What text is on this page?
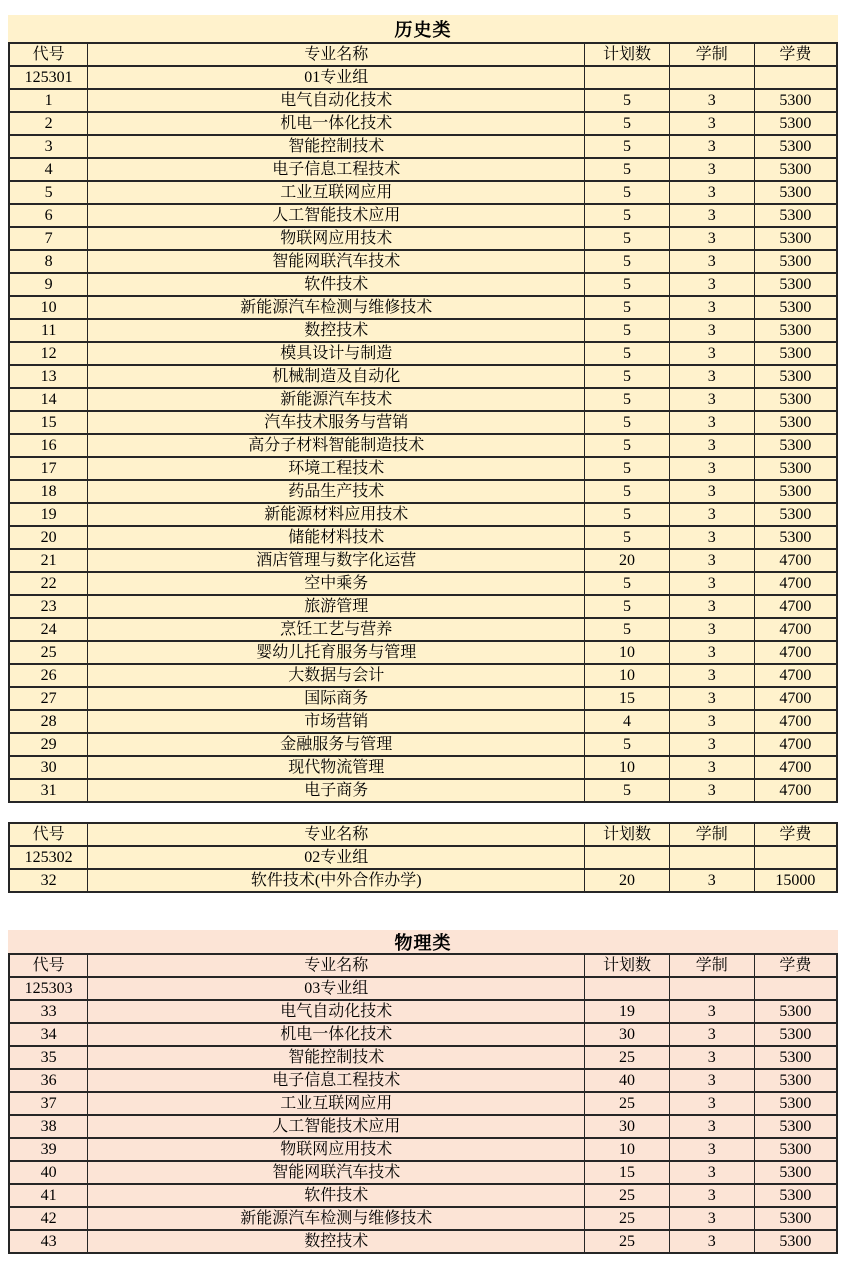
历史类
代号	专业名称	计划数	学制	学费
125301	01专业组			
1	电气自动化技术	5	3	5300
2	机电一体化技术	5	3	5300
3	智能控制技术	5	3	5300
4	电子信息工程技术	5	3	5300
5	工业互联网应用	5	3	5300
6	人工智能技术应用	5	3	5300
7	物联网应用技术	5	3	5300
8	智能网联汽车技术	5	3	5300
9	软件技术	5	3	5300
10	新能源汽车检测与维修技术	5	3	5300
11	数控技术	5	3	5300
12	模具设计与制造	5	3	5300
13	机械制造及自动化	5	3	5300
14	新能源汽车技术	5	3	5300
15	汽车技术服务与营销	5	3	5300
16	高分子材料智能制造技术	5	3	5300
17	环境工程技术	5	3	5300
18	药品生产技术	5	3	5300
19	新能源材料应用技术	5	3	5300
20	储能材料技术	5	3	5300
21	酒店管理与数字化运营	20	3	4700
22	空中乘务	5	3	4700
23	旅游管理	5	3	4700
24	烹饪工艺与营养	5	3	4700
25	婴幼儿托育服务与管理	10	3	4700
26	大数据与会计	10	3	4700
27	国际商务	15	3	4700
28	市场营销	4	3	4700
29	金融服务与管理	5	3	4700
30	现代物流管理	10	3	4700
31	电子商务	5	3	4700
代号	专业名称	计划数	学制	学费
125302	02专业组			
32	软件技术(中外合作办学)	20	3	15000
物理类
代号	专业名称	计划数	学制	学费
125303	03专业组			
33	电气自动化技术	19	3	5300
34	机电一体化技术	30	3	5300
35	智能控制技术	25	3	5300
36	电子信息工程技术	40	3	5300
37	工业互联网应用	25	3	5300
38	人工智能技术应用	30	3	5300
39	物联网应用技术	10	3	5300
40	智能网联汽车技术	15	3	5300
41	软件技术	25	3	5300
42	新能源汽车检测与维修技术	25	3	5300
43	数控技术	25	3	5300
